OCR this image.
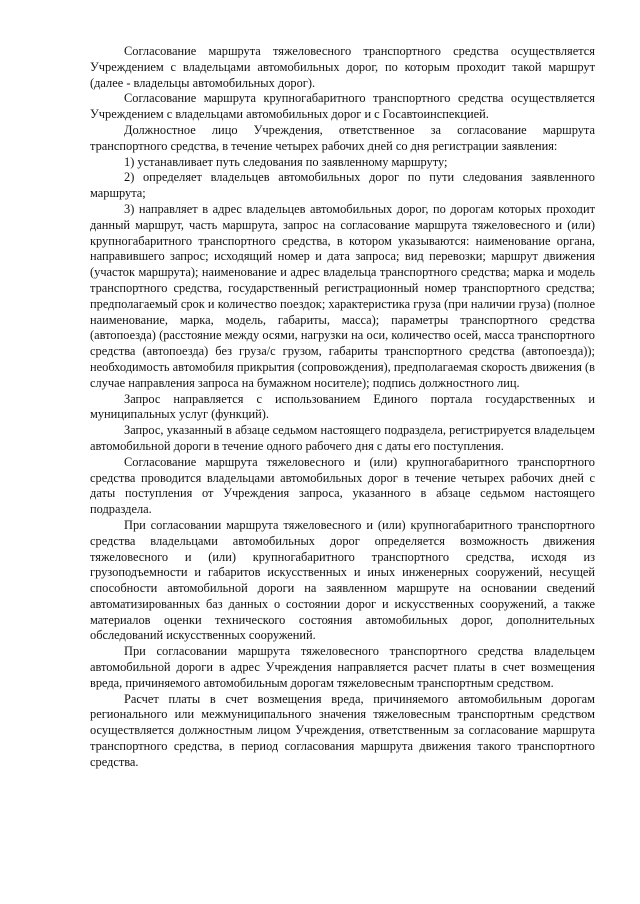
Согласование маршрута тяжеловесного транспортного средства осуществляется Учреждением с владельцами автомобильных дорог, по которым проходит такой маршрут (далее - владельцы автомобильных дорог).

Согласование маршрута крупногабаритного транспортного средства осуществляется Учреждением с владельцами автомобильных дорог и с Госавтоинспекцией.

Должностное лицо Учреждения, ответственное за согласование маршрута транспортного средства, в течение четырех рабочих дней со дня регистрации заявления:

1) устанавливает путь следования по заявленному маршруту;

2) определяет владельцев автомобильных дорог по пути следования заявленного маршрута;

3) направляет в адрес владельцев автомобильных дорог, по дорогам которых проходит данный маршрут, часть маршрута, запрос на согласование маршрута тяжеловесного и (или) крупногабаритного транспортного средства, в котором указываются: наименование органа, направившего запрос; исходящий номер и дата запроса; вид перевозки; маршрут движения (участок маршрута); наименование и адрес владельца транспортного средства; марка и модель транспортного средства, государственный регистрационный номер транспортного средства; предполагаемый срок и количество поездок; характеристика груза (при наличии груза) (полное наименование, марка, модель, габариты, масса); параметры транспортного средства (автопоезда) (расстояние между осями, нагрузки на оси, количество осей, масса транспортного средства (автопоезда) без груза/с грузом, габариты транспортного средства (автопоезда)); необходимость автомобиля прикрытия (сопровождения), предполагаемая скорость движения (в случае направления запроса на бумажном носителе); подпись должностного лиц.

Запрос направляется с использованием Единого портала государственных и муниципальных услуг (функций).

Запрос, указанный в абзаце седьмом настоящего подраздела, регистрируется владельцем автомобильной дороги в течение одного рабочего дня с даты его поступления.

Согласование маршрута тяжеловесного и (или) крупногабаритного транспортного средства проводится владельцами автомобильных дорог в течение четырех рабочих дней с даты поступления от Учреждения запроса, указанного в абзаце седьмом настоящего подраздела.

При согласовании маршрута тяжеловесного и (или) крупногабаритного транспортного средства владельцами автомобильных дорог определяется возможность движения тяжеловесного и (или) крупногабаритного транспортного средства, исходя из грузоподъемности и габаритов искусственных и иных инженерных сооружений, несущей способности автомобильной дороги на заявленном маршруте на основании сведений автоматизированных баз данных о состоянии дорог и искусственных сооружений, а также материалов оценки технического состояния автомобильных дорог, дополнительных обследований искусственных сооружений.

При согласовании маршрута тяжеловесного транспортного средства владельцем автомобильной дороги в адрес Учреждения направляется расчет платы в счет возмещения вреда, причиняемого автомобильным дорогам тяжеловесным транспортным средством.

Расчет платы в счет возмещения вреда, причиняемого автомобильным дорогам регионального или межмуниципального значения тяжеловесным транспортным средством осуществляется должностным лицом Учреждения, ответственным за согласование маршрута транспортного средства, в период согласования маршрута движения такого транспортного средства.
